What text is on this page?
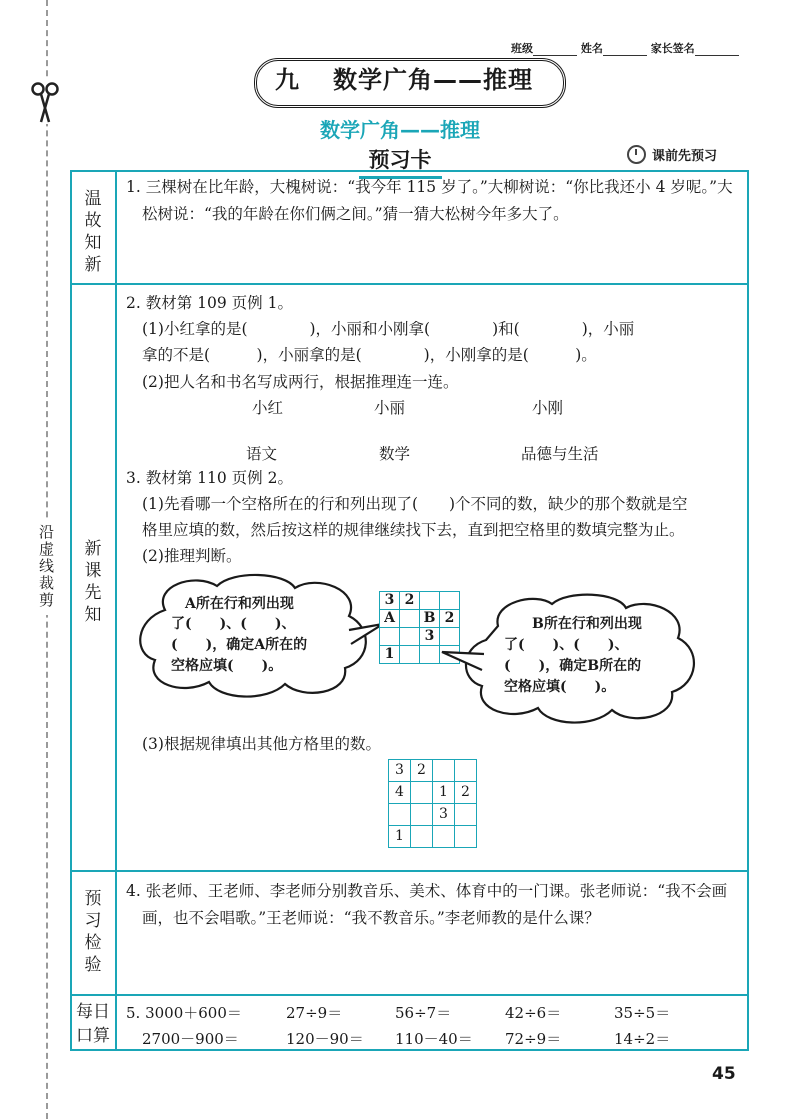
沿虚线裁剪
班级	姓名	家长签名
九 数学广角——推理
数学广角——推理
预习卡	课前先预习
温故知新
新课先知
预习检验
每日口算
1. 三棵树在比年龄，大槐树说：“我今年 115 岁了。”大柳树说：“你比我还小 4 岁呢。”大
松树说：“我的年龄在你们俩之间。”猜一猜大松树今年多大了。
2. 教材第 109 页例 1。
(1)小红拿的是(　　　　)，小丽和小刚拿(　　　　)和(　　　　)，小丽
拿的不是(　　　)，小丽拿的是(　　　　)，小刚拿的是(　　　)。
(2)把人名和书名写成两行，根据推理连一连。
小红	小丽	小刚
语文	数学	品德与生活
3. 教材第 110 页例 2。
(1)先看哪一个空格所在的行和列出现了(　　)个不同的数，缺少的那个数就是空
格里应填的数，然后按这样的规律继续找下去，直到把空格里的数填完整为止。
(2)推理判断。
A所在行和列出现
了(　　)、(　　)、
(　　)，确定A所在的
空格应填(　　)。
3	2		
A		B	2
		3	
1			
B所在行和列出现
了(　　)、(　　)、
(　　)，确定B所在的
空格应填(　　)。
(3)根据规律填出其他方格里的数。
3	2		
4		1	2
		3	
1			
4. 张老师、王老师、李老师分别教音乐、美术、体育中的一门课。张老师说：“我不会画
画，也不会唱歌。”王老师说：“我不教音乐。”李老师教的是什么课？
5. 3000＋600＝	27÷9＝	56÷7＝	42÷6＝	35÷5＝
2700－900＝	120－90＝ 110－40＝ 72÷9＝	14÷2＝
45
